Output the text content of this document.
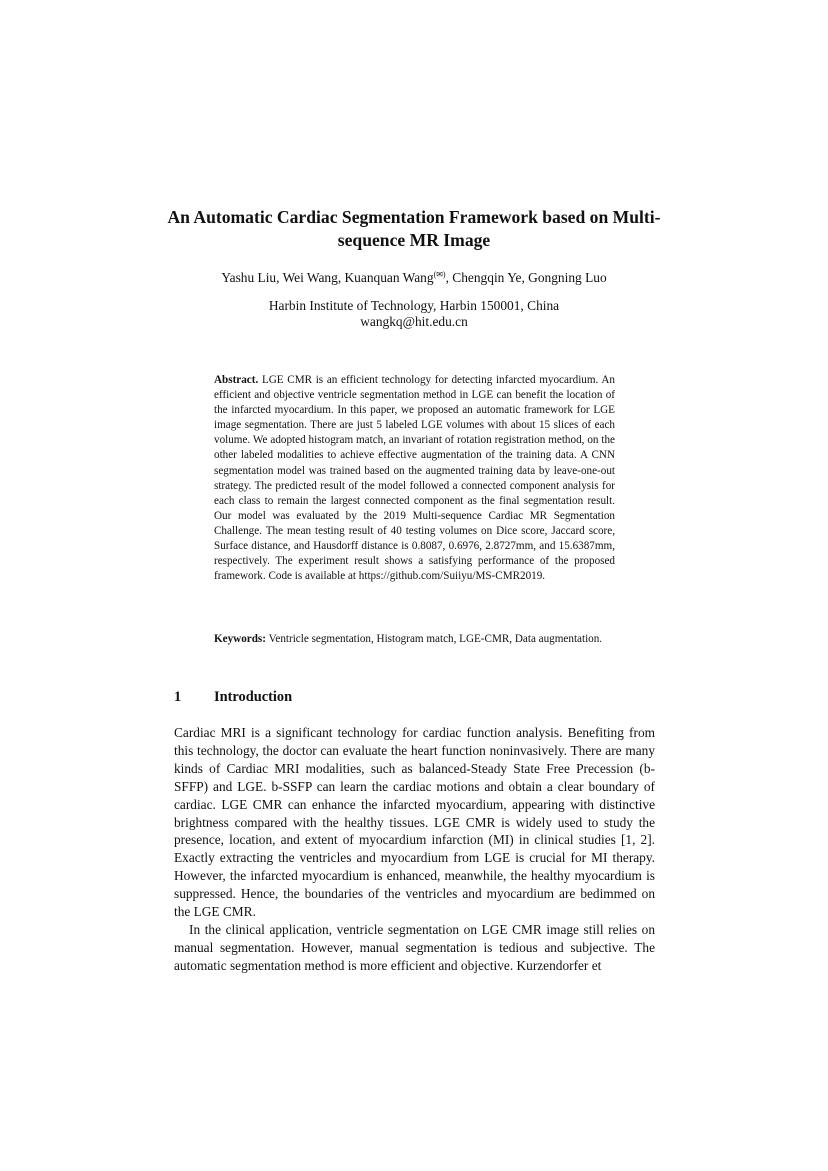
An Automatic Cardiac Segmentation Framework based on Multi-sequence MR Image
Yashu Liu, Wei Wang, Kuanquan Wang(✉), Chengqin Ye, Gongning Luo
Harbin Institute of Technology, Harbin 150001, China
wangkq@hit.edu.cn
Abstract. LGE CMR is an efficient technology for detecting infarcted myocardium. An efficient and objective ventricle segmentation method in LGE can benefit the location of the infarcted myocardium. In this paper, we proposed an automatic framework for LGE image segmentation. There are just 5 labeled LGE volumes with about 15 slices of each volume. We adopted histogram match, an invariant of rotation registration method, on the other labeled modalities to achieve effective augmentation of the training data. A CNN segmentation model was trained based on the augmented training data by leave-one-out strategy. The predicted result of the model followed a connected component analysis for each class to remain the largest connected component as the final segmentation result. Our model was evaluated by the 2019 Multi-sequence Cardiac MR Segmentation Challenge. The mean testing result of 40 testing volumes on Dice score, Jaccard score, Surface distance, and Hausdorff distance is 0.8087, 0.6976, 2.8727mm, and 15.6387mm, respectively. The experiment result shows a satisfying performance of the proposed framework. Code is available at https://github.com/Suiiyu/MS-CMR2019.
Keywords: Ventricle segmentation, Histogram match, LGE-CMR, Data augmentation.
1 Introduction

Cardiac MRI is a significant technology for cardiac function analysis. Benefiting from this technology, the doctor can evaluate the heart function noninvasively. There are many kinds of Cardiac MRI modalities, such as balanced-Steady State Free Precession (b-SFFP) and LGE. b-SSFP can learn the cardiac motions and obtain a clear boundary of cardiac. LGE CMR can enhance the infarcted myocardium, appearing with distinctive brightness compared with the healthy tissues. LGE CMR is widely used to study the presence, location, and extent of myocardium infarction (MI) in clinical studies [1, 2]. Exactly extracting the ventricles and myocardium from LGE is crucial for MI therapy. However, the infarcted myocardium is enhanced, meanwhile, the healthy myocardium is suppressed. Hence, the boundaries of the ventricles and myocardium are bedimmed on the LGE CMR.

In the clinical application, ventricle segmentation on LGE CMR image still relies on manual segmentation. However, manual segmentation is tedious and subjective. The automatic segmentation method is more efficient and objective. Kurzendorfer et
